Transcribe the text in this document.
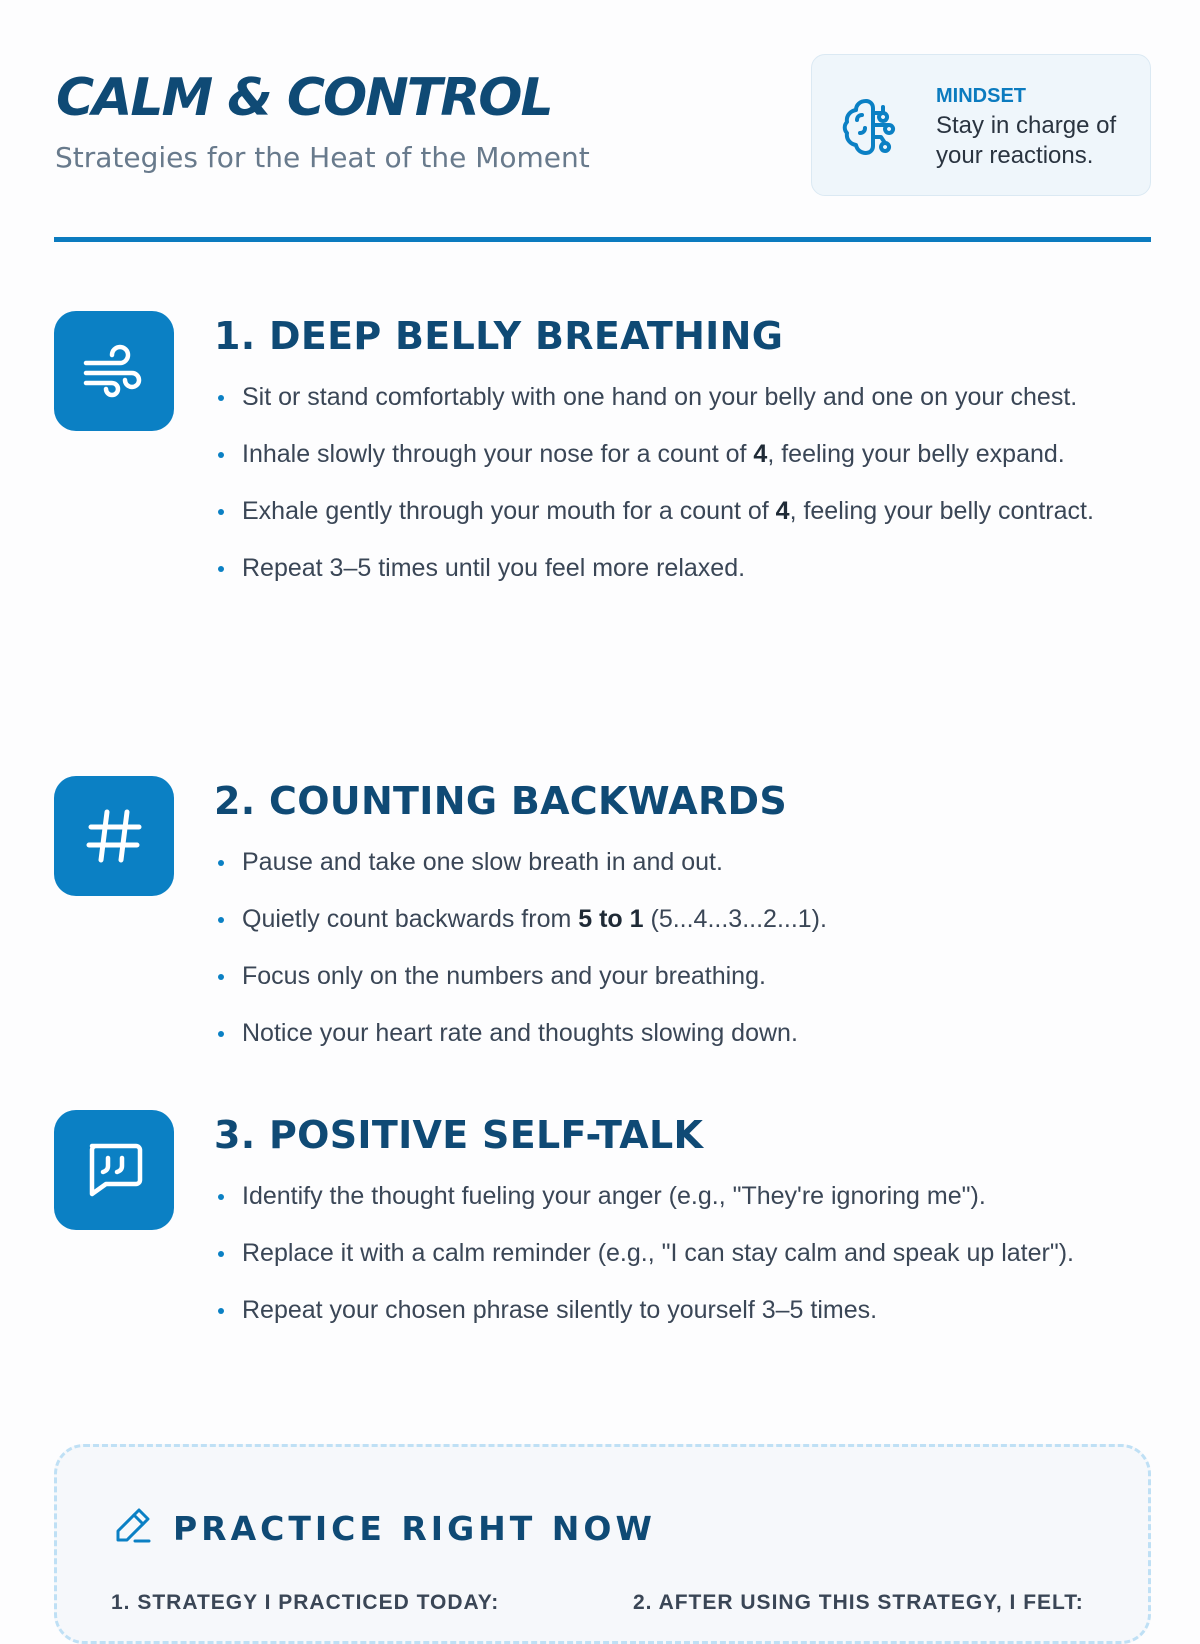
CALM & CONTROL
Strategies for the Heat of the Moment
MINDSET
Stay in charge of your reactions.
1. DEEP BELLY BREATHING
Sit or stand comfortably with one hand on your belly and one on your chest.
Inhale slowly through your nose for a count of 4, feeling your belly expand.
Exhale gently through your mouth for a count of 4, feeling your belly contract.
Repeat 3–5 times until you feel more relaxed.
2. COUNTING BACKWARDS
Pause and take one slow breath in and out.
Quietly count backwards from 5 to 1 (5...4...3...2...1).
Focus only on the numbers and your breathing.
Notice your heart rate and thoughts slowing down.
3. POSITIVE SELF-TALK
Identify the thought fueling your anger (e.g., "They're ignoring me").
Replace it with a calm reminder (e.g., "I can stay calm and speak up later").
Repeat your chosen phrase silently to yourself 3–5 times.
PRACTICE RIGHT NOW
1. STRATEGY I PRACTICED TODAY:	2. AFTER USING THIS STRATEGY, I FELT:
